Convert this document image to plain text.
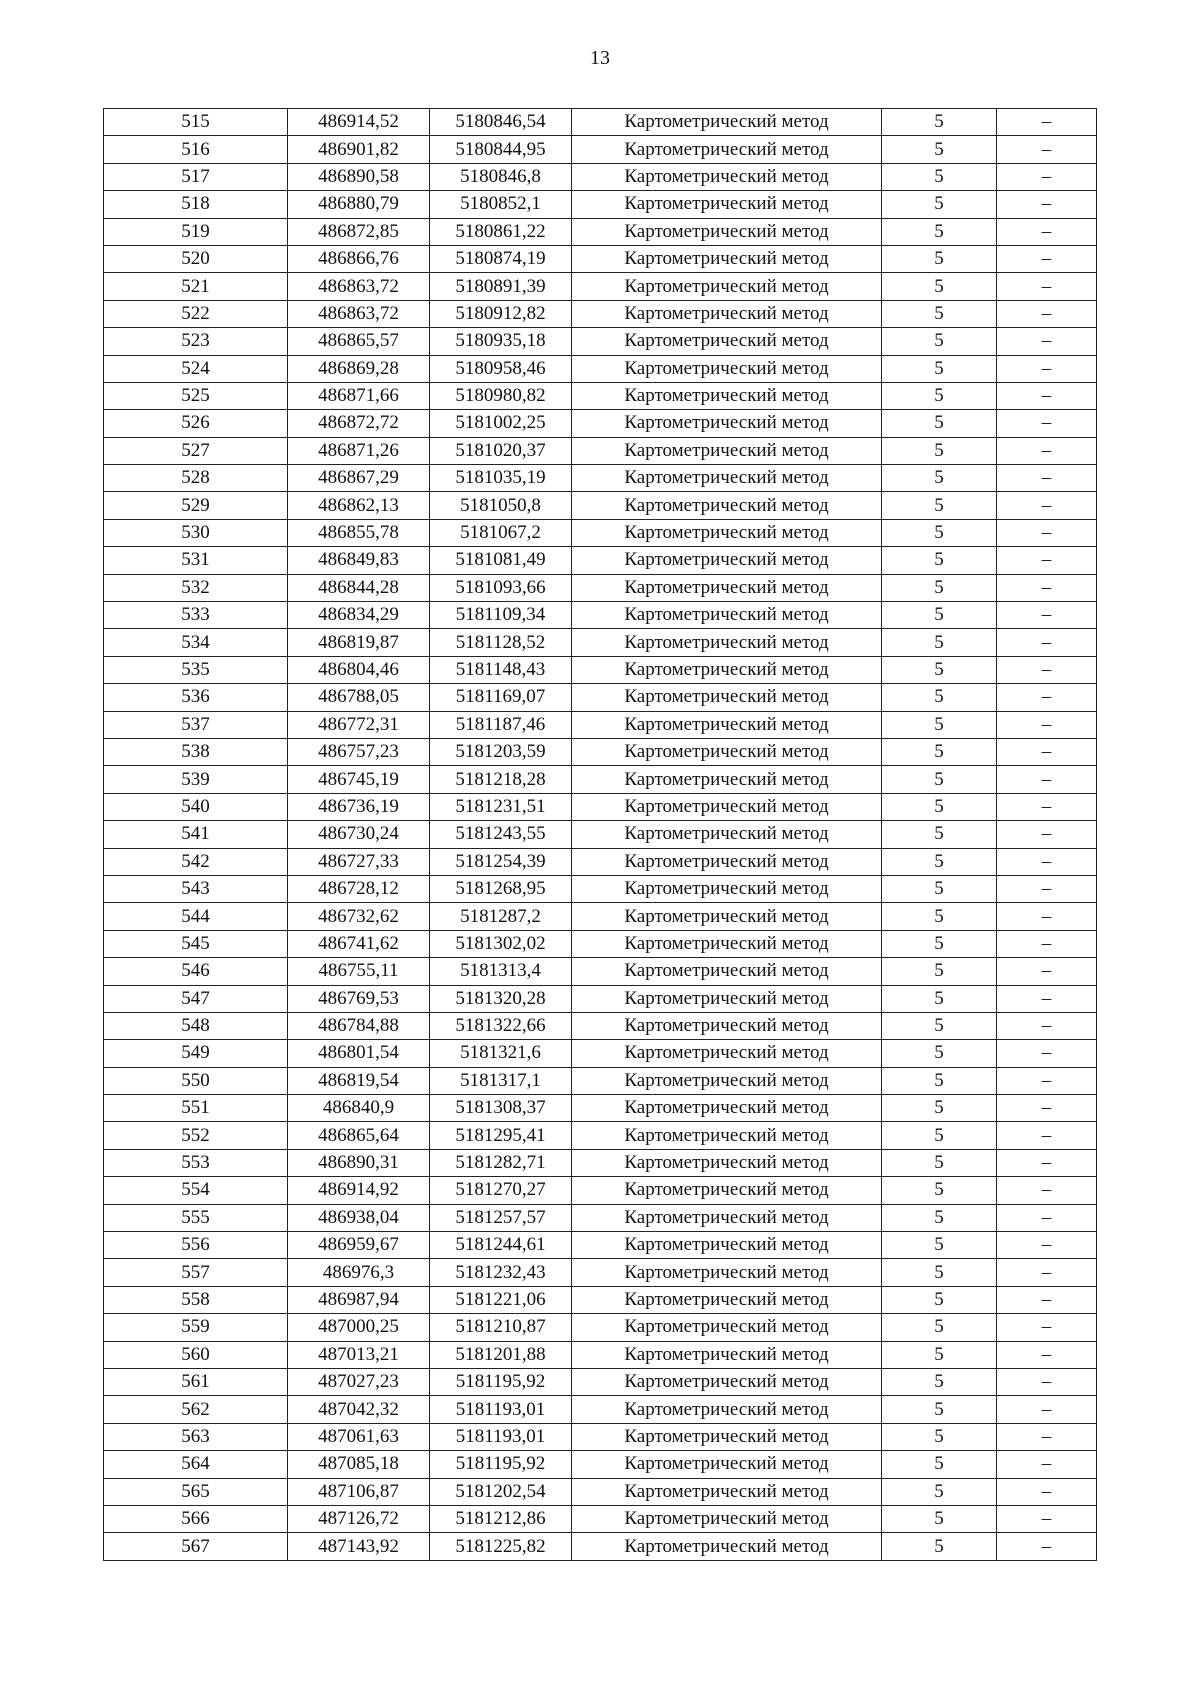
13
515	486914,52	5180846,54	Картометрический метод	5	–
516	486901,82	5180844,95	Картометрический метод	5	–
517	486890,58	5180846,8	Картометрический метод	5	–
518	486880,79	5180852,1	Картометрический метод	5	–
519	486872,85	5180861,22	Картометрический метод	5	–
520	486866,76	5180874,19	Картометрический метод	5	–
521	486863,72	5180891,39	Картометрический метод	5	–
522	486863,72	5180912,82	Картометрический метод	5	–
523	486865,57	5180935,18	Картометрический метод	5	–
524	486869,28	5180958,46	Картометрический метод	5	–
525	486871,66	5180980,82	Картометрический метод	5	–
526	486872,72	5181002,25	Картометрический метод	5	–
527	486871,26	5181020,37	Картометрический метод	5	–
528	486867,29	5181035,19	Картометрический метод	5	–
529	486862,13	5181050,8	Картометрический метод	5	–
530	486855,78	5181067,2	Картометрический метод	5	–
531	486849,83	5181081,49	Картометрический метод	5	–
532	486844,28	5181093,66	Картометрический метод	5	–
533	486834,29	5181109,34	Картометрический метод	5	–
534	486819,87	5181128,52	Картометрический метод	5	–
535	486804,46	5181148,43	Картометрический метод	5	–
536	486788,05	5181169,07	Картометрический метод	5	–
537	486772,31	5181187,46	Картометрический метод	5	–
538	486757,23	5181203,59	Картометрический метод	5	–
539	486745,19	5181218,28	Картометрический метод	5	–
540	486736,19	5181231,51	Картометрический метод	5	–
541	486730,24	5181243,55	Картометрический метод	5	–
542	486727,33	5181254,39	Картометрический метод	5	–
543	486728,12	5181268,95	Картометрический метод	5	–
544	486732,62	5181287,2	Картометрический метод	5	–
545	486741,62	5181302,02	Картометрический метод	5	–
546	486755,11	5181313,4	Картометрический метод	5	–
547	486769,53	5181320,28	Картометрический метод	5	–
548	486784,88	5181322,66	Картометрический метод	5	–
549	486801,54	5181321,6	Картометрический метод	5	–
550	486819,54	5181317,1	Картометрический метод	5	–
551	486840,9	5181308,37	Картометрический метод	5	–
552	486865,64	5181295,41	Картометрический метод	5	–
553	486890,31	5181282,71	Картометрический метод	5	–
554	486914,92	5181270,27	Картометрический метод	5	–
555	486938,04	5181257,57	Картометрический метод	5	–
556	486959,67	5181244,61	Картометрический метод	5	–
557	486976,3	5181232,43	Картометрический метод	5	–
558	486987,94	5181221,06	Картометрический метод	5	–
559	487000,25	5181210,87	Картометрический метод	5	–
560	487013,21	5181201,88	Картометрический метод	5	–
561	487027,23	5181195,92	Картометрический метод	5	–
562	487042,32	5181193,01	Картометрический метод	5	–
563	487061,63	5181193,01	Картометрический метод	5	–
564	487085,18	5181195,92	Картометрический метод	5	–
565	487106,87	5181202,54	Картометрический метод	5	–
566	487126,72	5181212,86	Картометрический метод	5	–
567	487143,92	5181225,82	Картометрический метод	5	–
